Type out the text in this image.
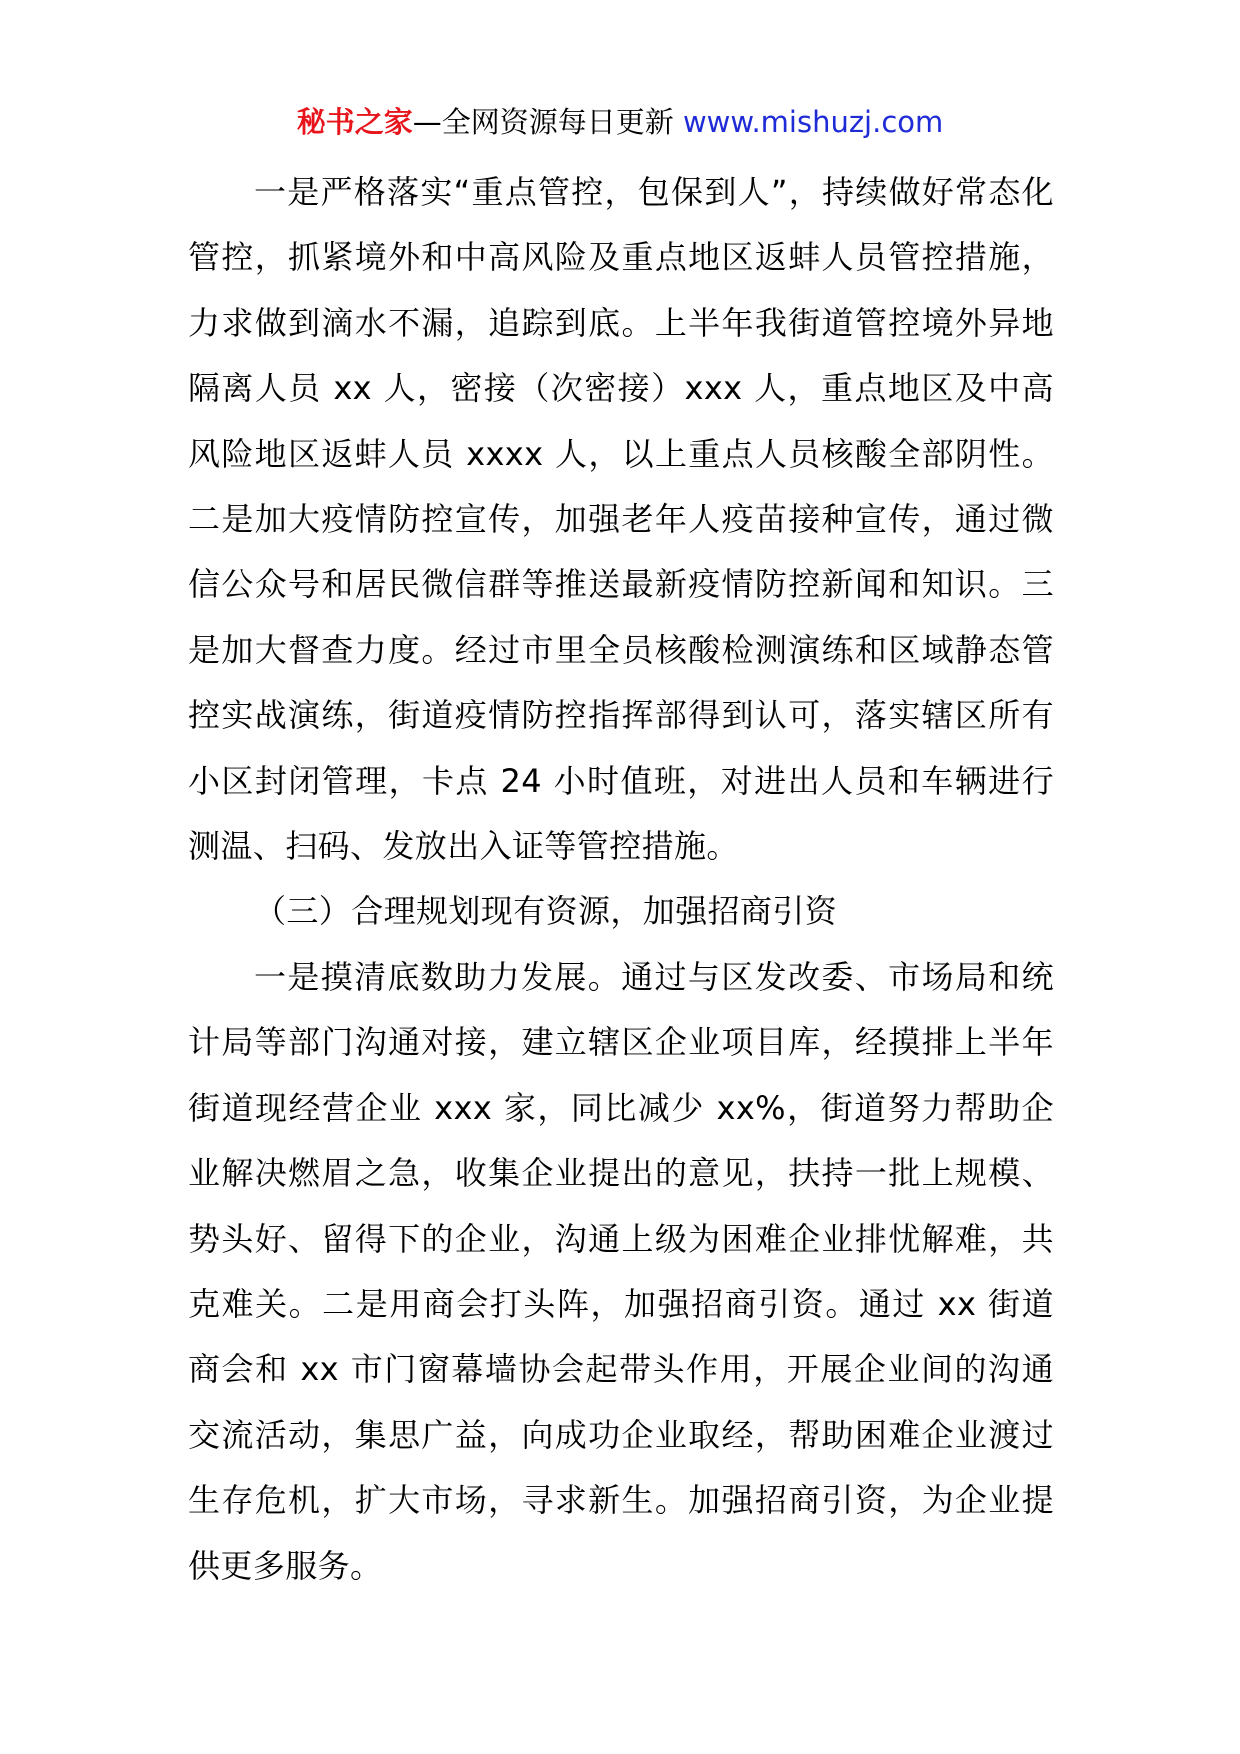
秘书之家—全网资源每日更新 www.mishuzj.com

一是严格落实“重点管控，包保到人”，持续做好常态化管控，抓紧境外和中高风险及重点地区返蚌人员管控措施，力求做到滴水不漏，追踪到底。上半年我街道管控境外异地隔离人员 xx 人，密接（次密接）xxx 人，重点地区及中高风险地区返蚌人员 xxxx 人，以上重点人员核酸全部阴性。二是加大疫情防控宣传，加强老年人疫苗接种宣传，通过微信公众号和居民微信群等推送最新疫情防控新闻和知识。三是加大督查力度。经过市里全员核酸检测演练和区域静态管控实战演练，街道疫情防控指挥部得到认可，落实辖区所有小区封闭管理，卡点 24 小时值班，对进出人员和车辆进行测温、扫码、发放出入证等管控措施。

（三）合理规划现有资源，加强招商引资

一是摸清底数助力发展。通过与区发改委、市场局和统计局等部门沟通对接，建立辖区企业项目库，经摸排上半年街道现经营企业 xxx 家，同比减少 xx%，街道努力帮助企业解决燃眉之急，收集企业提出的意见，扶持一批上规模、势头好、留得下的企业，沟通上级为困难企业排忧解难，共克难关。二是用商会打头阵，加强招商引资。通过 xx 街道商会和 xx 市门窗幕墙协会起带头作用，开展企业间的沟通交流活动，集思广益，向成功企业取经，帮助困难企业渡过生存危机，扩大市场，寻求新生。加强招商引资，为企业提供更多服务。
